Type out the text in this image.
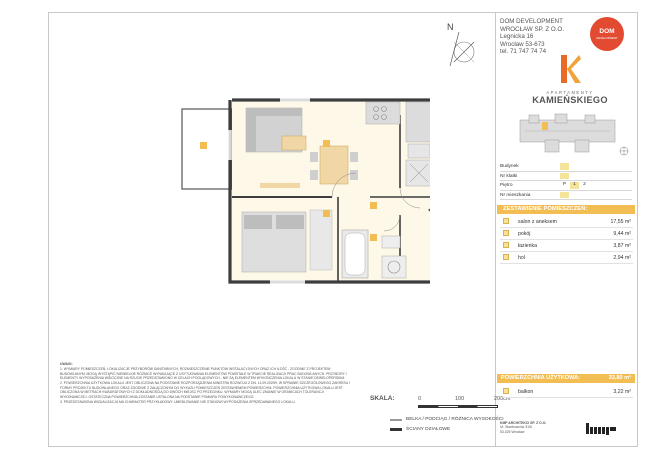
N
UWAGI:
1. WYMIARY POMIESZCZEŃ, LOKALIZACJE PRZYBORÓW SANITARNYCH, ROZMIESZCZENIE PUNKTÓW INSTALACYJNYCH ORAZ ICH ILOŚĆ - ZGODNIE Z PROJEKTEM BUDOWLANYM. MOGĄ WYSTĄPIĆ NIEWIELKIE RÓŻNICE WYNIKAJĄCE Z USYTUOWANIA ELEMENTÓW POWSTAŁE W TRAKCIE REALIZACJI PRAC BUDOWLANYCH. PRZYBORY I ELEMENTY WYPOSAŻENIA WIDOCZNE NA RZUCIE PRZEDSTAWIONO W CELACH POGLĄDOWYCH - NIE SĄ ELEMENTEM WYKOŃCZENIA LOKALU W STANIE DEWELOPERSKIM.
2. POWIERZCHNIA UŻYTKOWA LOKALU JEST OBLICZONA NA PODSTAWIE ROZPORZĄDZENIA MINISTRA ROZWOJU Z DN. 11.09.2020R. W SPRAWIE SZCZEGÓŁOWEGO ZAKRESU I FORMY PROJEKTU BUDOWLANEGO ORAZ ZGODNIE Z ZAŁĄCZONYM DO WYKAZU POMIESZCZEŃ ZESTAWIENIEM POWIERZCHNI. POWIERZCHNIA UŻYTKOWA LOKALU JEST OBLICZONA W METRACH KWADRATOWYCH Z DOKŁADNOŚCIĄ DO DWÓCH MIEJSC PO PRZECINKU. WYMIARY MOGĄ ULEC ZMIANIE W GRANICACH TOLERANCJI WYKONAWCZEJ. OSTATECZNA POWIERZCHNIA ZOSTANIE USTALONA NA PODSTAWIE POMIARU POWYKONAWCZEGO.
3. PRZEDSTAWIONA WIZUALIZACJA MA CHARAKTER PRZYKŁADOWY. UMEBLOWANIE NIE STANOWI WYPOSAŻENIA SPRZEDAWANEGO LOKALU.	SKALA:	0	100	200cm
BELKA / PODCIĄG / RÓŻNICA WYSOKOŚCI
ŚCIANY DZIAŁOWE
DOM DEVELOPMENT
WROCŁAW SP. Z O.O.
Legnicka 16
Wrocław 53-673
tel. 71 747 74 74
DOM
DEVELOPMENT
APARTAMENTY
KAMIEŃSKIEGO
Budynek
Nr klatki
Piętro	P	1	2
Nr mieszkania
ZESTAWIENIE POMIESZCZEŃ:
salon z aneksem	17,55 m²
pokój	9,44 m²
łazienka	3,87 m²
hol	2,94 m²
POWIERZCHNIA UŻYTKOWA:	33,80 m²
balkon	3,22 m²
KMP ARCHITEKCI SP. Z O.O.
Ul. Skarbowców 31/6
53-025 Wrocław
